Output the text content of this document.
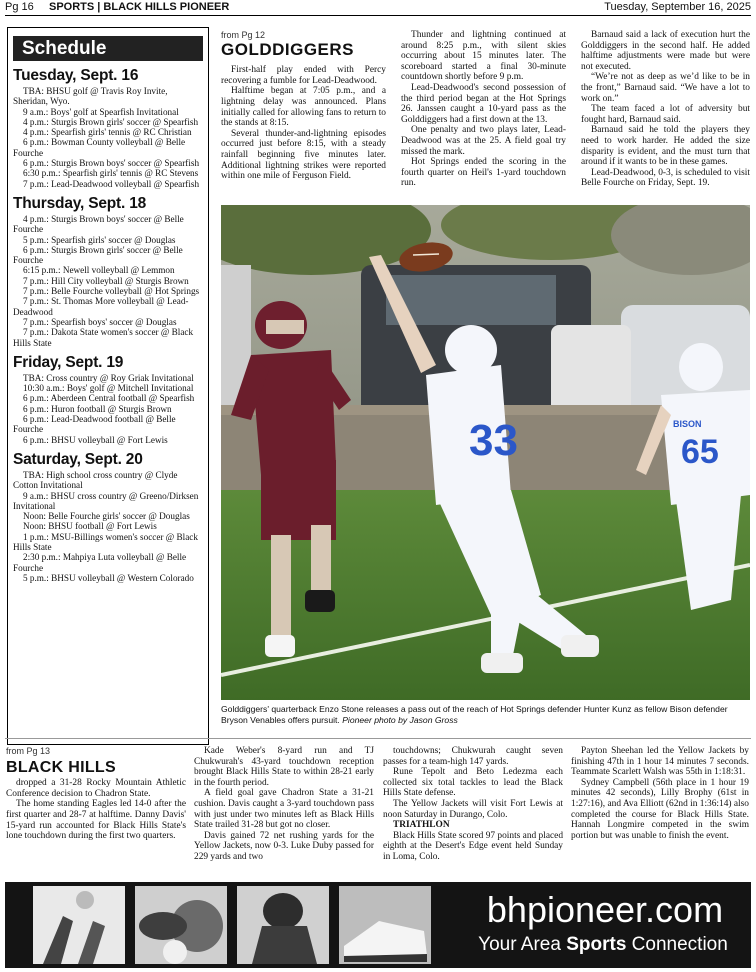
Pg 16 SPORTS | BLACK HILLS PIONEER	Tuesday, September 16, 2025
Schedule
Tuesday, Sept. 16
TBA: BHSU golf @ Travis Roy Invite, Sheridan, Wyo.
9 a.m.: Boys' golf at Spearfish Invitational
4 p.m.: Sturgis Brown girls' soccer @ Spearfish
4 p.m.: Spearfish girls' tennis @ RC Christian
6 p.m.: Bowman County volleyball @ Belle Fourche
6 p.m.: Sturgis Brown boys' soccer @ Spearfish
6:30 p.m.: Spearfish girls' tennis @ RC Stevens
7 p.m.: Lead-Deadwood volleyball @ Spearfish
Thursday, Sept. 18
4 p.m.: Sturgis Brown boys' soccer @ Belle Fourche
5 p.m.: Spearfish girls' soccer @ Douglas
6 p.m.: Sturgis Brown girls' soccer @ Belle Fourche
6:15 p.m.: Newell volleyball @ Lemmon
7 p.m.: Hill City volleyball @ Sturgis Brown
7 p.m.: Belle Fourche volleyball @ Hot Springs
7 p.m.: St. Thomas More volleyball @ Lead-Deadwood
7 p.m.: Spearfish boys' soccer @ Douglas
7 p.m.: Dakota State women's soccer @ Black Hills State
Friday, Sept. 19
TBA: Cross country @ Roy Griak Invitational
10:30 a.m.: Boys' golf @ Mitchell Invitational
6 p.m.: Aberdeen Central football @ Spearfish
6 p.m.: Huron football @ Sturgis Brown
6 p.m.: Lead-Deadwood football @ Belle Fourche
6 p.m.: BHSU volleyball @ Fort Lewis
Saturday, Sept. 20
TBA: High school cross country @ Clyde Cotton Invitational
9 a.m.: BHSU cross country @ Greeno/Dirksen Invitational
Noon: Belle Fourche girls' soccer @ Douglas
Noon: BHSU football @ Fort Lewis
1 p.m.: MSU-Billings women's soccer @ Black Hills State
2:30 p.m.: Mahpiya Luta volleyball @ Belle Fourche
5 p.m.: BHSU volleyball @ Western Colorado
from Pg 12
GOLDDIGGERS

First-half play ended with Percy recovering a fumble for Lead-Deadwood.

Halftime began at 7:05 p.m., and a lightning delay was announced. Plans initially called for allowing fans to return to the stands at 8:15.

Several thunder-and-lightning episodes occurred just before 8:15, with a steady rainfall beginning five minutes later. Additional lightning strikes were reported within one mile of Ferguson Field.

Thunder and lightning continued at around 8:25 p.m., with silent skies occurring about 15 minutes later. The scoreboard started a final 30-minute countdown shortly before 9 p.m.

Lead-Deadwood's second possession of the third period began at the Hot Springs 26. Janssen caught a 10-yard pass as the Golddiggers had a first down at the 13.

One penalty and two plays later, Lead-Deadwood was at the 25. A field goal try missed the mark.

Hot Springs ended the scoring in the fourth quarter on Heil's 1-yard touchdown run.

Barnaud said a lack of execution hurt the Golddiggers in the second half. He added halftime adjustments were made but were not executed.

“We’re not as deep as we’d like to be in the front,” Barnaud said. “We have a lot to work on.”

The team faced a lot of adversity but fought hard, Barnaud said.

Barnaud said he told the players they need to work harder. He added the size disparity is evident, and the must turn that around if it wants to be in these games.

Lead-Deadwood, 0-3, is scheduled to visit Belle Fourche on Friday, Sept. 19.

33	BISON
65
Golddiggers' quarterback Enzo Stone releases a pass out of the reach of Hot Springs defender Hunter Kunz as fellow Bison defender Bryson Venables offers pursuit. Pioneer photo by Jason Gross
from Pg 13
BLACK HILLS

dropped a 31-28 Rocky Mountain Athletic Conference decision to Chadron State.

The home standing Eagles led 14-0 after the first quarter and 28-7 at halftime. Danny Davis' 15-yard run accounted for Black Hills State's lone touchdown during the first two quarters.

Kade Weber's 8-yard run and TJ Chukwurah's 43-yard touchdown reception brought Black Hills State to within 28-21 early in the fourth period.

A field goal gave Chadron State a 31-21 cushion. Davis caught a 3-yard touchdown pass with just under two minutes left as Black Hills State trailed 31-28 but got no closer.

Davis gained 72 net rushing yards for the Yellow Jackets, now 0-3. Luke Duby passed for 229 yards and two

touchdowns; Chukwurah caught seven passes for a team-high 147 yards.

Rune Tepolt and Beto Ledezma each collected six total tackles to lead the Black Hills State defense.

The Yellow Jackets will visit Fort Lewis at noon Saturday in Durango, Colo.

TRIATHLON

Black Hills State scored 97 points and placed eighth at the Desert's Edge event held Sunday in Loma, Colo.

Payton Sheehan led the Yellow Jackets by finishing 47th in 1 hour 14 minutes 7 seconds. Teammate Scarlett Walsh was 55th in 1:18:31.

Sydney Campbell (56th place in 1 hour 19 minutes 42 seconds), Lilly Brophy (61st in 1:27:16), and Ava Elliott (62nd in 1:36:14) also completed the course for Black Hills State. Hannah Longmire competed in the swim portion but was unable to finish the event.

bhpioneer.com
Your Area Sports Connection
